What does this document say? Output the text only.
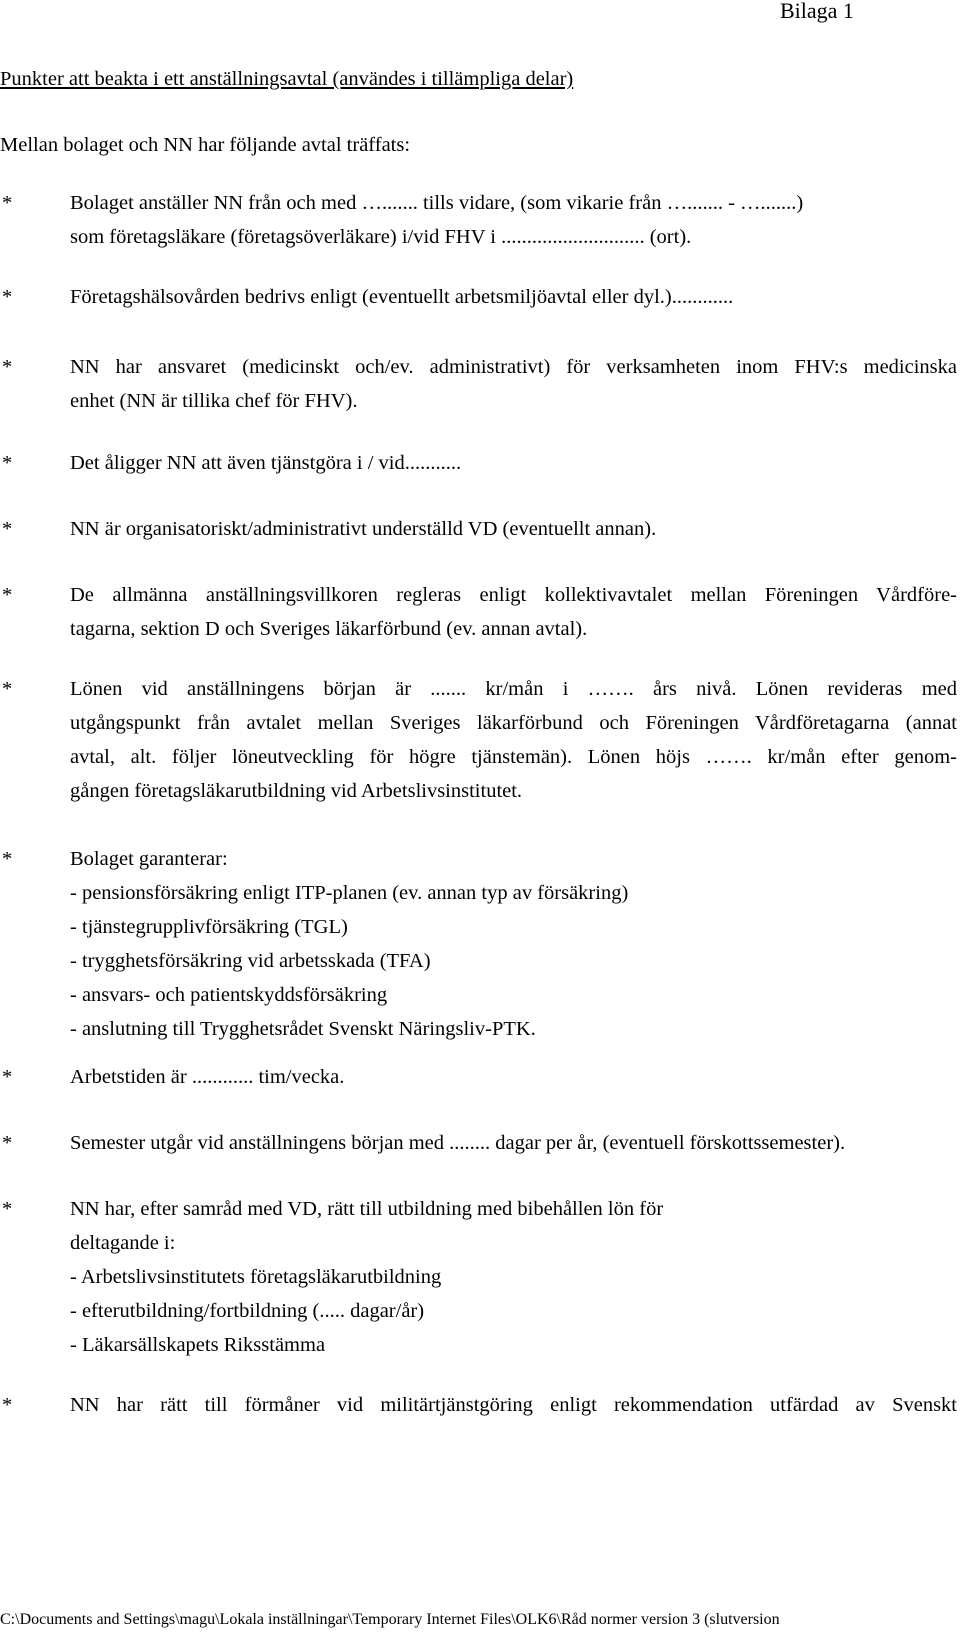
Bilaga 1
Punkter att beakta i ett anställningsavtal (användes i tillämpliga delar)
Mellan bolaget och NN har följande avtal träffats:
*	Bolaget anställer NN från och med …....... tills vidare, (som vikarie från …....... - ….......)
som företagsläkare (företagsöverläkare) i/vid FHV i ............................ (ort).
*	Företagshälsovården bedrivs enligt (eventuellt arbetsmiljöavtal eller dyl.)............
*	NN har ansvaret (medicinskt och/ev. administrativt) för verksamheten inom FHV:s medicinska
enhet (NN är tillika chef för FHV).
*	Det åligger NN att även tjänstgöra i / vid...........
*	NN är organisatoriskt/administrativt underställd VD (eventuellt annan).
*	De allmänna anställningsvillkoren regleras enligt kollektivavtalet mellan Föreningen Vårdföre-
tagarna, sektion D och Sveriges läkarförbund (ev. annan avtal).
*	Lönen vid anställningens början är ....... kr/mån i ……. års nivå. Lönen revideras med
utgångspunkt från avtalet mellan Sveriges läkarförbund och Föreningen Vårdföretagarna (annat
avtal, alt. följer löneutveckling för högre tjänstemän). Lönen höjs ……. kr/mån efter genom-
gången företagsläkarutbildning vid Arbetslivsinstitutet.
*	Bolaget garanterar:
- pensionsförsäkring enligt ITP-planen (ev. annan typ av försäkring)
- tjänstegrupplivförsäkring (TGL)
- trygghetsförsäkring vid arbetsskada (TFA)
- ansvars- och patientskyddsförsäkring
- anslutning till Trygghetsrådet Svenskt Näringsliv-PTK.
*	Arbetstiden är ............ tim/vecka.
*	Semester utgår vid anställningens början med ........ dagar per år, (eventuell förskottssemester).
*	NN har, efter samråd med VD, rätt till utbildning med bibehållen lön för
deltagande i:
- Arbetslivsinstitutets företagsläkarutbildning
- efterutbildning/fortbildning (..... dagar/år)
- Läkarsällskapets Riksstämma
*	NN har rätt till förmåner vid militärtjänstgöring enligt rekommendation utfärdad av Svenskt
C:\Documents and Settings\magu\Lokala inställningar\Temporary Internet Files\OLK6\Råd normer version 3 (slutversion
